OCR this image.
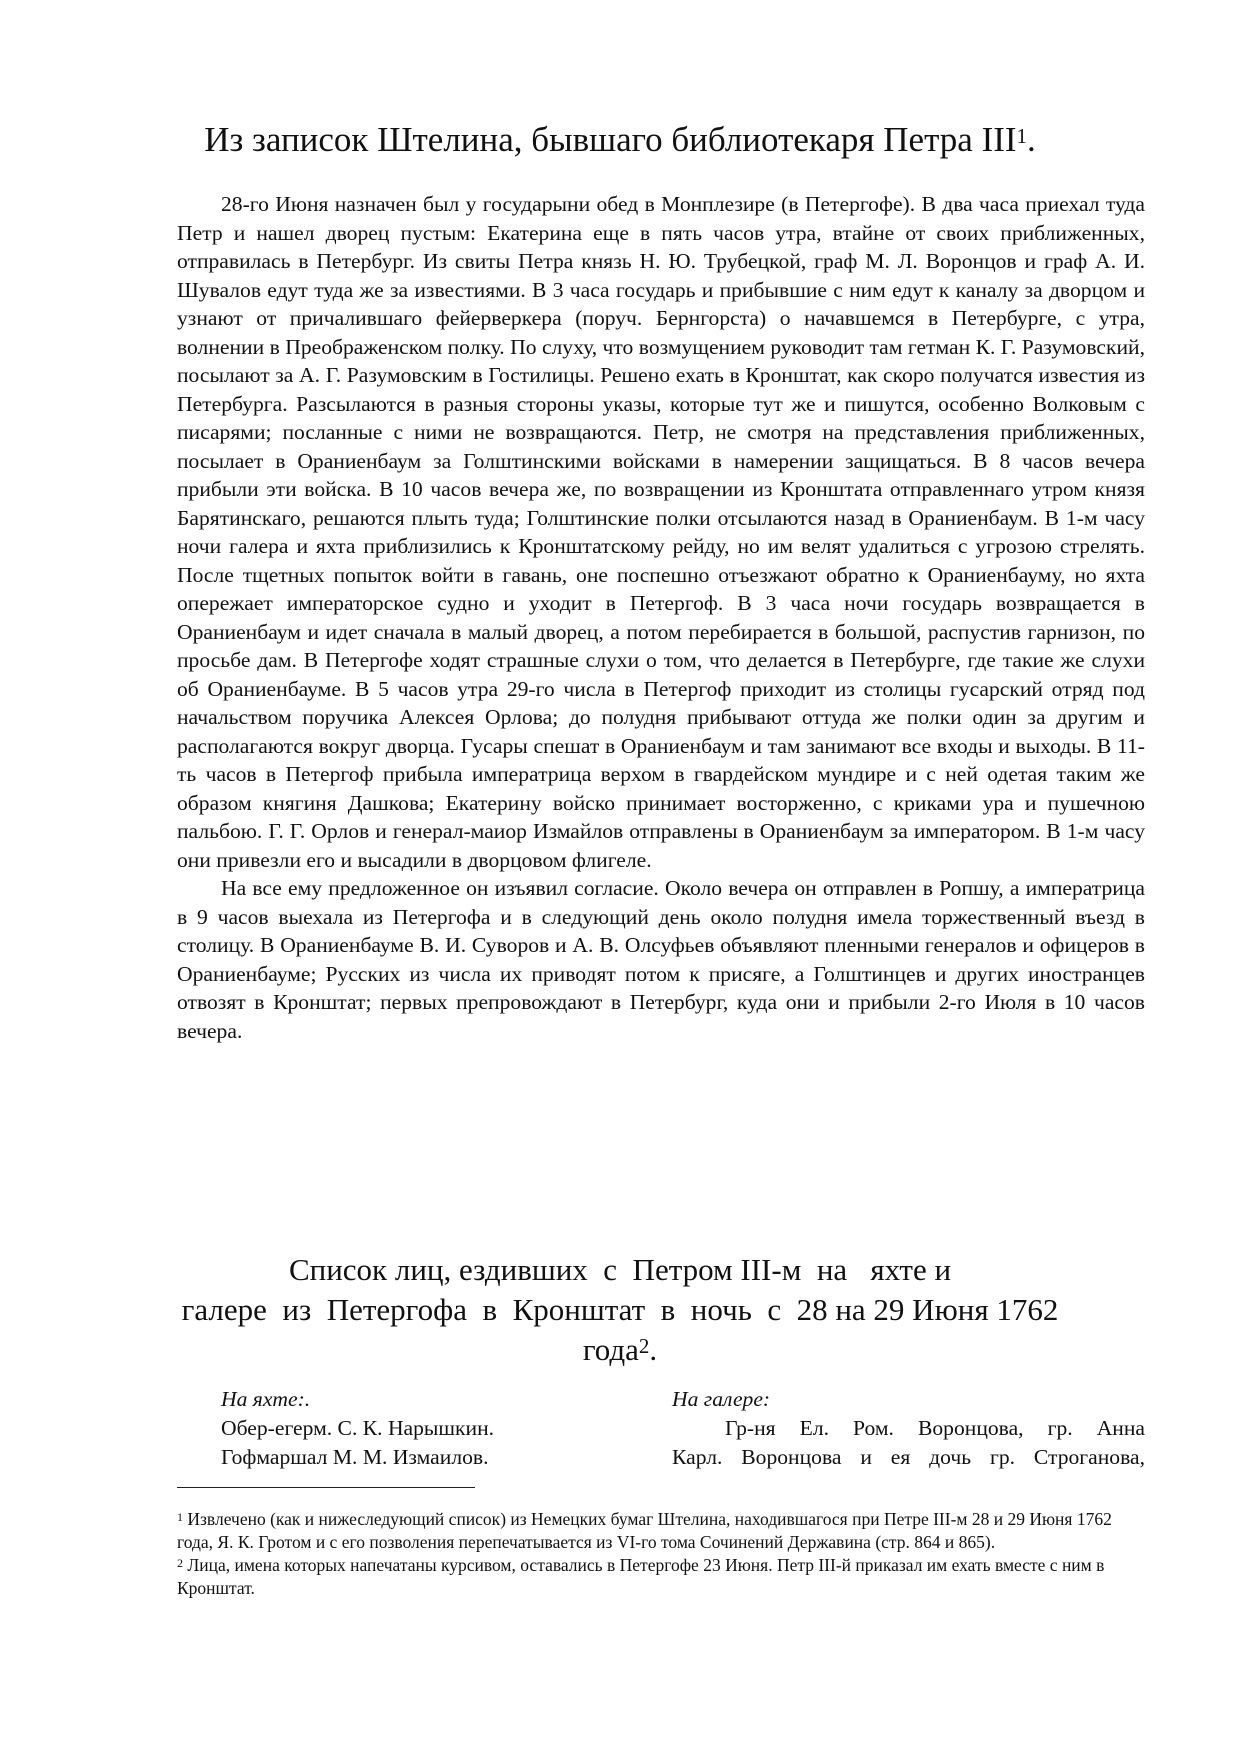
Из записок Штелина, бывшаго библиотекаря Петра III$^1$.

28-го Июня назначен был у государыни обед в Монплезире (в Петергофе). В два часа приехал туда Петр и нашел дворец пустым: Екатерина еще в пять часов утра, втайне от своих приближенных, отправилась в Петербург. Из свиты Петра князь Н. Ю. Трубецкой, граф М. Л. Воронцов и граф А. И. Шувалов едут туда же за известиями. В 3 часа государь и прибывшие с ним едут к каналу за дворцом и узнают от причалившаго фейерверкера (поруч. Бернгорста) о начавшемся в Петербурге, с утра, волнении в Преображенском полку. По слуху, что возмущением руководит там гетман К. Г. Разумовский, посылают за А. Г. Разумовским в Гостилицы. Решено ехать в Кронштат, как скоро получатся известия из Петербурга. Разсылаются в разныя стороны указы, которые тут же и пишутся, особенно Волковым с писарями; посланные с ними не возвращаются. Петр, не смотря на представления приближенных, посылает в Ораниенбаум за Голштинскими войсками в намерении защищаться. В 8 часов вечера прибыли эти войска. В 10 часов вечера же, по возвращении из Кронштата отправленнаго утром князя Барятинскаго, решаются плыть туда; Голштинские полки отсылаются назад в Ораниенбаум. В 1-м часу ночи галера и яхта приблизились к Кронштатскому рейду, но им велят удалиться с угрозою стрелять. После тщетных попыток войти в гавань, оне поспешно отъезжают обратно к Ораниенбауму, но яхта опережает императорское судно и уходит в Петергоф. В 3 часа ночи государь возвращается в Ораниенбаум и идет сначала в малый дворец, а потом перебирается в большой, распустив гарнизон, по просьбе дам. В Петергофе ходят страшные слухи о том, что делается в Петербурге, где такие же слухи об Ораниенбауме. В 5 часов утра 29-го числа в Петергоф приходит из столицы гусарский отряд под начальством поручика Алексея Орлова; до полудня прибывают оттуда же полки один за другим и располагаются вокруг дворца. Гусары спешат в Ораниенбаум и там занимают все входы и выходы. В 11-ть часов в Петергоф прибыла императрица верхом в гвардейском мундире и с ней одетая таким же образом княгиня Дашкова; Екатерину войско принимает восторженно, с криками ура и пушечною пальбою. Г. Г. Орлов и генерал-маиор Измайлов отправлены в Ораниенбаум за императором. В 1-м часу они привезли его и высадили в дворцовом флигеле.

На все ему предложенное он изъявил согласие. Около вечера он отправлен в Ропшу, а императрица в 9 часов выехала из Петергофа и в следующий день около полудня имела торжественный въезд в столицу. В Ораниенбауме В. И. Суворов и А. В. Олсуфьев объявляют пленными генералов и офицеров в Ораниенбауме; Русских из числа их приводят потом к присяге, а Голштинцев и других иностранцев отвозят в Кронштат; первых препровождают в Петербург, куда они и прибыли 2-го Июля в 10 часов вечера.

Список лиц, ездивших  с  Петром III-м  на   яхте и
галере  из  Петергофа  в  Кронштат  в  ночь  с  28 на 29 Июня 1762
года$^2$.
На яхте:.
Обер-егерм. С. К. Нарышкин.
Гофмаршал М. М. Измаилов.
На галере:
Гр-ня Ел. Ром. Воронцова, гр. Анна
Карл. Воронцова и ея дочь гр. Строганова,

$^1$ Извлечено (как и нижеследующий список) из Немецких бумаг Штелина, находившагося при Петре III-м 28 и 29 Июня 1762 года, Я. К. Гротом и с его позволения перепечатывается из VI-го тома Сочинений Державина (стр. 864 и 865).

$^2$ Лица, имена которых напечатаны курсивом, оставались в Петергофе 23 Июня. Петр III-й приказал им ехать вместе с ним в Кронштат.
